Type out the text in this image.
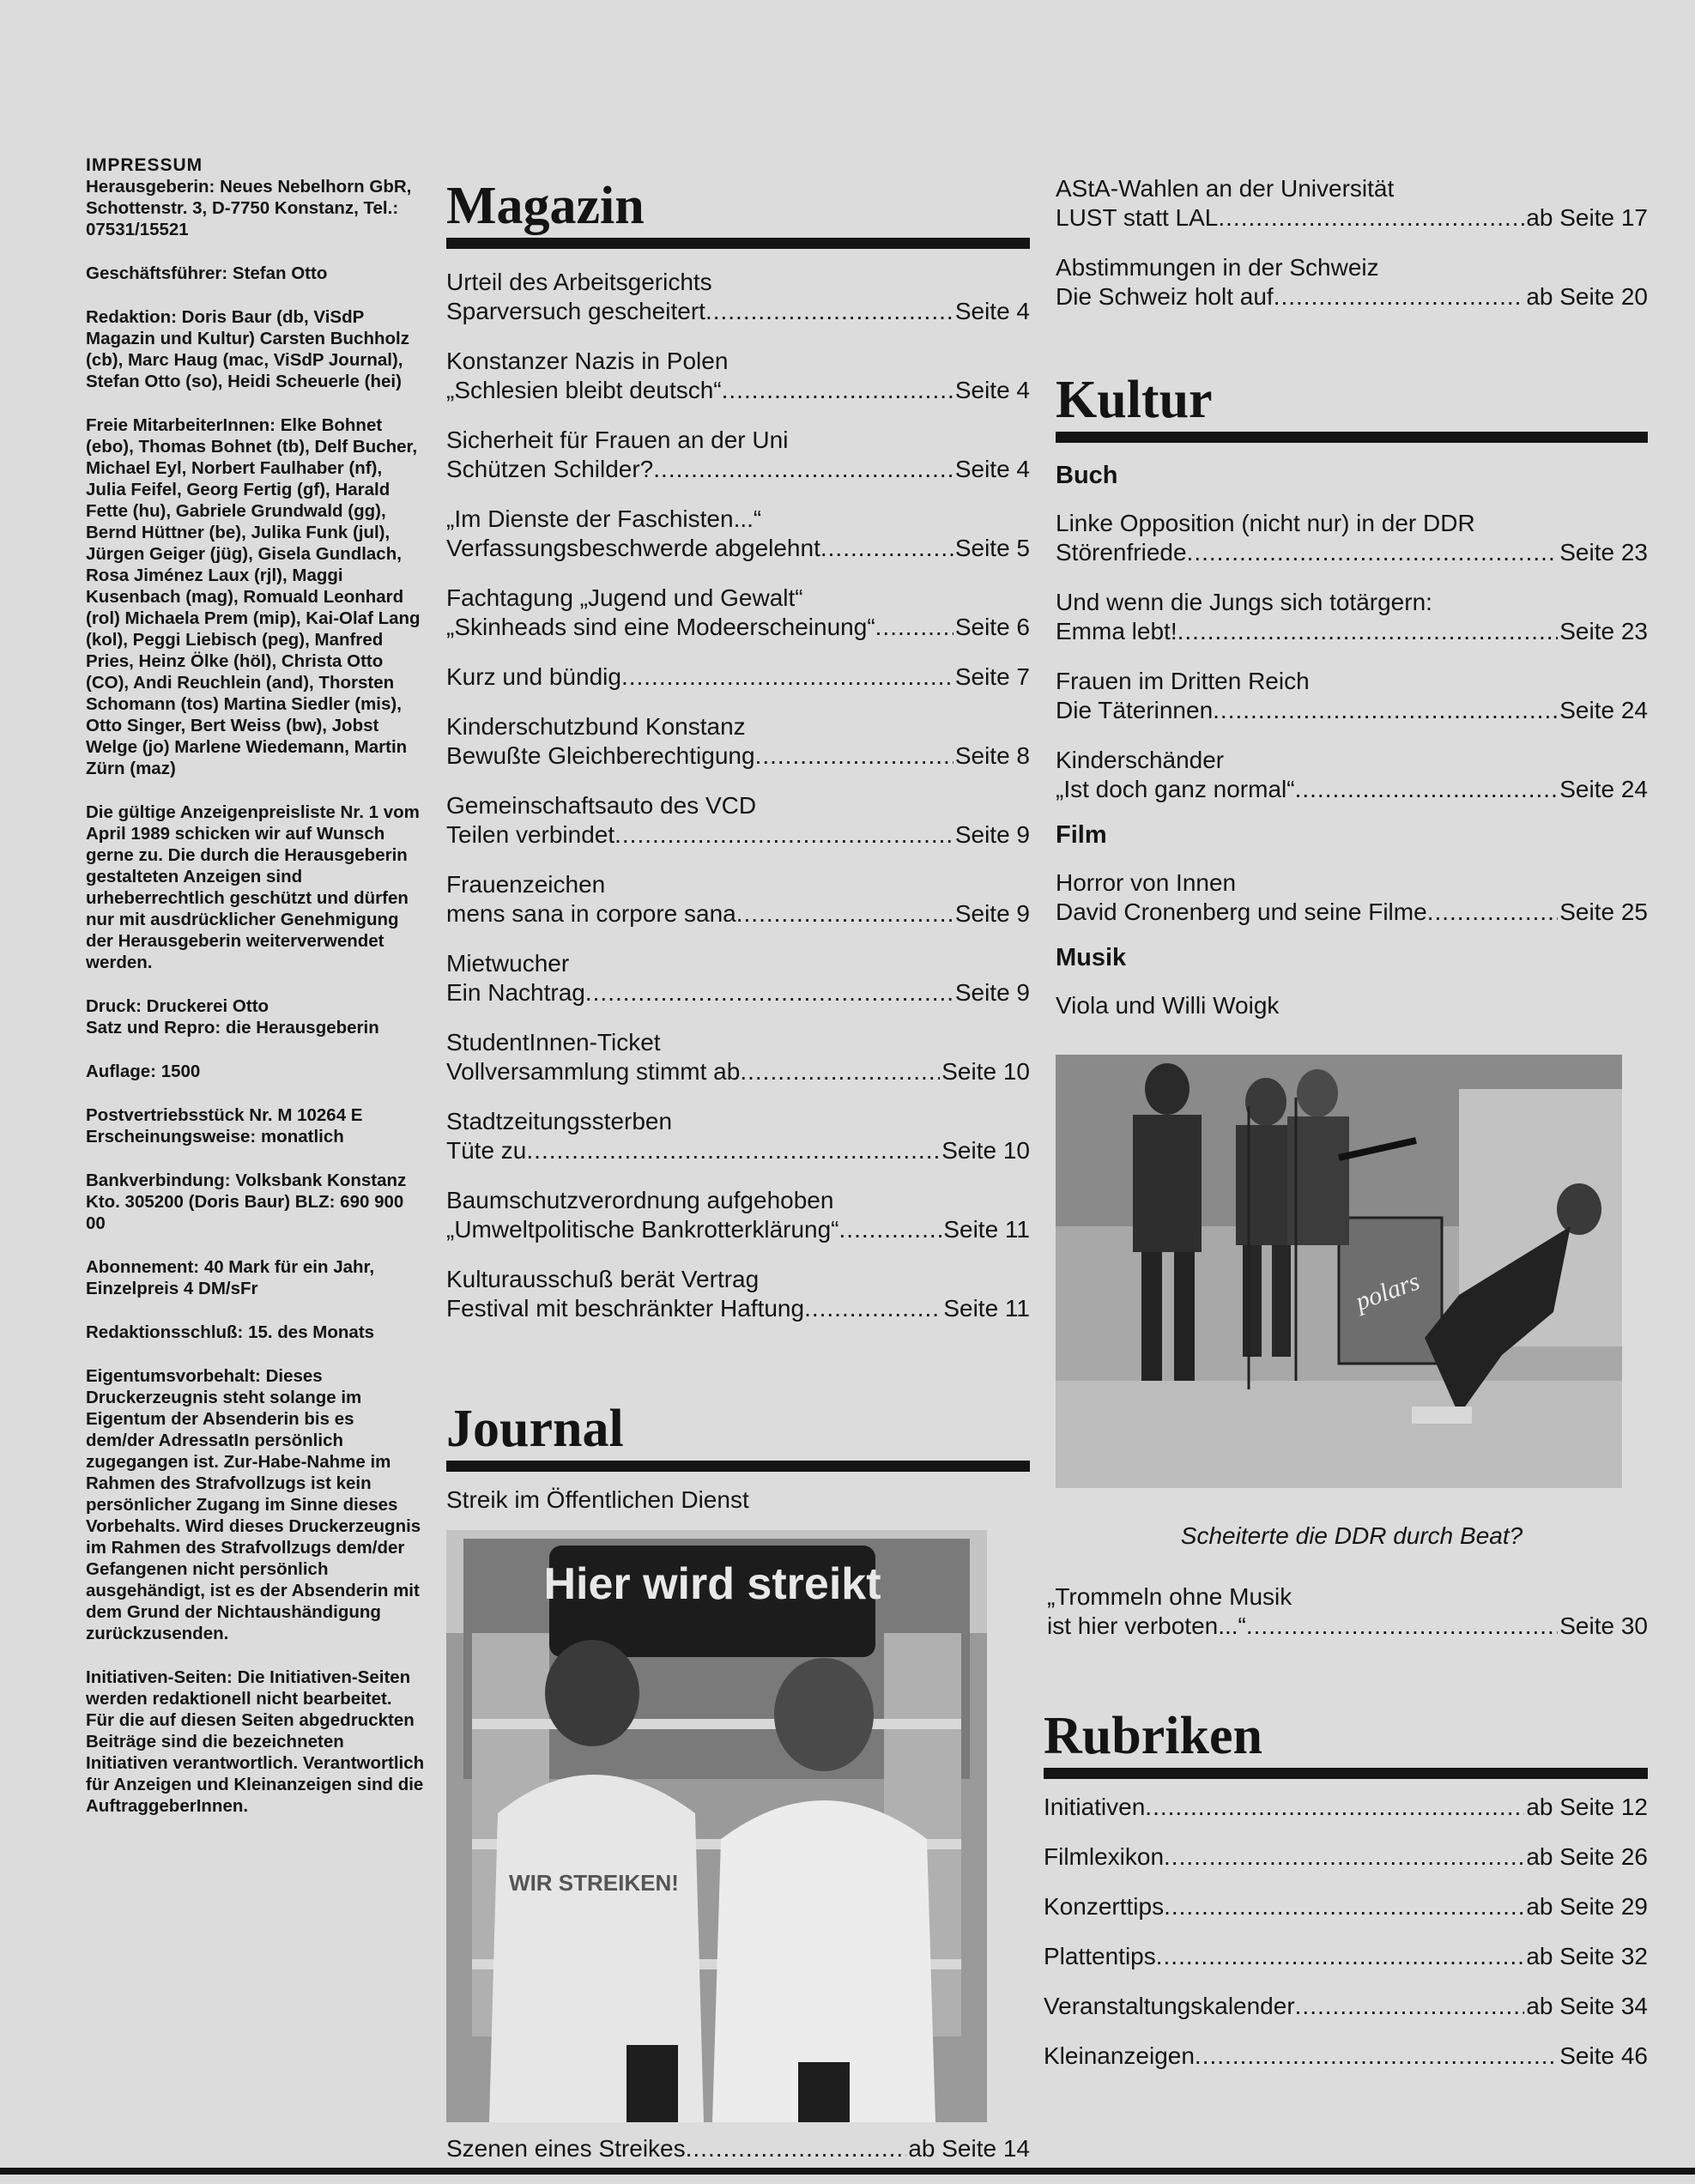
IMPRESSUM
Herausgeberin: Neues Nebelhorn GbR, Schottenstr. 3, D-7750 Konstanz, Tel.: 07531/15521
Geschäftsführer: Stefan Otto
Redaktion: Doris Baur (db, ViSdP Magazin und Kultur) Carsten Buchholz (cb), Marc Haug (mac, ViSdP Journal), Stefan Otto (so), Heidi Scheuerle (hei)
Freie MitarbeiterInnen: Elke Bohnet (ebo), Thomas Bohnet (tb), Delf Bucher, Michael Eyl, Norbert Faulhaber (nf), Julia Feifel, Georg Fertig (gf), Harald Fette (hu), Gabriele Grundwald (gg), Bernd Hüttner (be), Julika Funk (jul), Jürgen Geiger (jüg), Gisela Gundlach, Rosa Jiménez Laux (rjl), Maggi Kusenbach (mag), Romuald Leonhard (rol) Michaela Prem (mip), Kai-Olaf Lang (kol), Peggi Liebisch (peg), Manfred Pries, Heinz Ölke (höl), Christa Otto (CO), Andi Reuchlein (and), Thorsten Schomann (tos) Martina Siedler (mis), Otto Singer, Bert Weiss (bw), Jobst Welge (jo) Marlene Wiedemann, Martin Zürn (maz)
Die gültige Anzeigenpreisliste Nr. 1 vom April 1989 schicken wir auf Wunsch gerne zu. Die durch die Herausgeberin gestalteten Anzeigen sind urheberrechtlich geschützt und dürfen nur mit ausdrücklicher Genehmigung der Herausgeberin weiterverwendet werden.
Druck: Druckerei Otto
Satz und Repro: die Herausgeberin
Auflage: 1500
Postvertriebsstück Nr. M 10264 E
Erscheinungsweise: monatlich
Bankverbindung: Volksbank Konstanz Kto. 305200 (Doris Baur) BLZ: 690 900 00
Abonnement: 40 Mark für ein Jahr, Einzelpreis 4 DM/sFr
Redaktionsschluß: 15. des Monats
Eigentumsvorbehalt: Dieses Druckerzeugnis steht solange im Eigentum der Absenderin bis es dem/der AdressatIn persönlich zugegangen ist. Zur-Habe-Nahme im Rahmen des Strafvollzugs ist kein persönlicher Zugang im Sinne dieses Vorbehalts. Wird dieses Druckerzeugnis im Rahmen des Strafvollzugs dem/der Gefangenen nicht persönlich ausgehändigt, ist es der Absenderin mit dem Grund der Nichtaushändigung zurückzusenden.
Initiativen-Seiten: Die Initiativen-Seiten werden redaktionell nicht bearbeitet. Für die auf diesen Seiten abgedruckten Beiträge sind die bezeichneten Initiativen verantwortlich. Verantwortlich für Anzeigen und Kleinanzeigen sind die AuftraggeberInnen.
Magazin
Urteil des Arbeitsgerichts
Sparversuch gescheitert .....	Seite 4
Konstanzer Nazis in Polen
„Schlesien bleibt deutsch“ .....	Seite 4
Sicherheit für Frauen an der Uni
Schützen Schilder? .....	Seite 4
„Im Dienste der Faschisten...“
Verfassungsbeschwerde abgelehnt .....	Seite 5
Fachtagung „Jugend und Gewalt“
„Skinheads sind eine Modeerscheinung“ .....	Seite 6
Kurz und bündig .....	Seite 7
Kinderschutzbund Konstanz
Bewußte Gleichberechtigung .....	Seite 8
Gemeinschaftsauto des VCD
Teilen verbindet .....	Seite 9
Frauenzeichen
mens sana in corpore sana .....	Seite 9
Mietwucher
Ein Nachtrag .....	Seite 9
StudentInnen-Ticket
Vollversammlung stimmt ab .....	Seite 10
Stadtzeitungssterben
Tüte zu .....	Seite 10
Baumschutzverordnung aufgehoben
„Umweltpolitische Bankrotterklärung“ .....	Seite 11
Kulturausschuß berät Vertrag
Festival mit beschränkter Haftung .....	Seite 11
Journal
Streik im Öffentlichen Dienst
Hier wird streikt
WIR STREIKEN!
Szenen eines Streikes .....	ab Seite 14
AStA-Wahlen an der Universität
LUST statt LAL .....	ab Seite 17
Abstimmungen in der Schweiz
Die Schweiz holt auf .....	ab Seite 20
Kultur
Buch
Linke Opposition (nicht nur) in der DDR
Störenfriede .....	Seite 23
Und wenn die Jungs sich totärgern:
Emma lebt! .....	Seite 23
Frauen im Dritten Reich
Die Täterinnen .....	Seite 24
Kinderschänder
„Ist doch ganz normal“ .....	Seite 24
Film
Horror von Innen
David Cronenberg und seine Filme .....	Seite 25
Musik
Viola und Willi Woigk
polars
Scheiterte die DDR durch Beat?
„Trommeln ohne Musik
ist hier verboten...“ .....	Seite 30
Rubriken
Initiativen .....	ab Seite 12
Filmlexikon .....	ab Seite 26
Konzerttips .....	ab Seite 29
Plattentips .....	ab Seite 32
Veranstaltungskalender .....	ab Seite 34
Kleinanzeigen .....	Seite 46
